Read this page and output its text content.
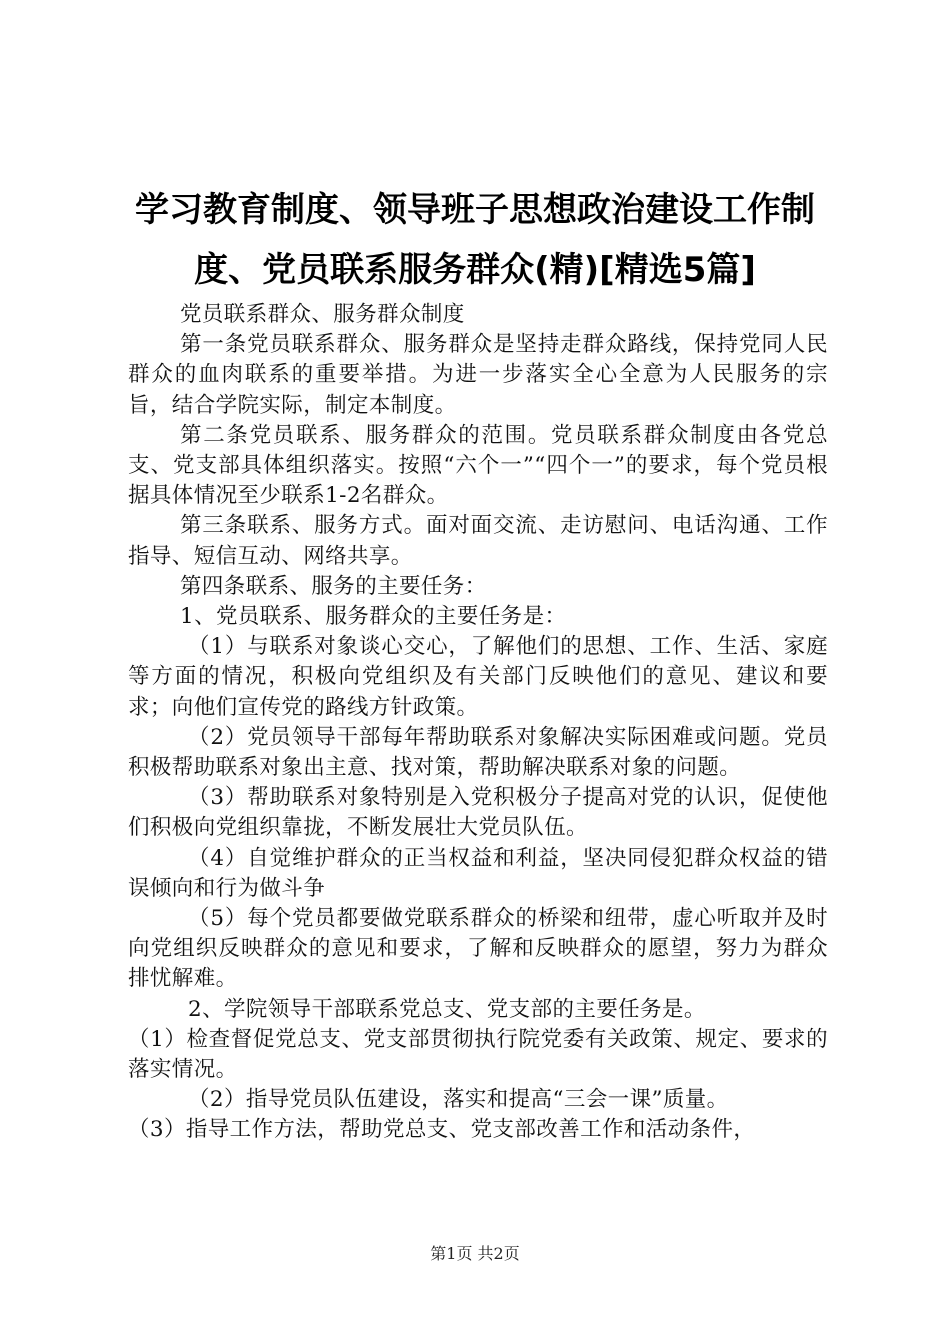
学习教育制度、领导班子思想政治建设工作制
度、党员联系服务群众(精)[精选5篇]

党员联系群众、服务群众制度

第一条党员联系群众、服务群众是坚持走群众路线，保持党同人民群众的血肉联系的重要举措。为进一步落实全心全意为人民服务的宗旨，结合学院实际，制定本制度。

第二条党员联系、服务群众的范围。党员联系群众制度由各党总支、党支部具体组织落实。按照“六个一”“四个一”的要求，每个党员根据具体情况至少联系1-2名群众。

第三条联系、服务方式。面对面交流、走访慰问、电话沟通、工作指导、短信互动、网络共享。

第四条联系、服务的主要任务：

1、党员联系、服务群众的主要任务是：

（1）与联系对象谈心交心，了解他们的思想、工作、生活、家庭等方面的情况，积极向党组织及有关部门反映他们的意见、建议和要求；向他们宣传党的路线方针政策。

（2）党员领导干部每年帮助联系对象解决实际困难或问题。党员积极帮助联系对象出主意、找对策，帮助解决联系对象的问题。

（3）帮助联系对象特别是入党积极分子提高对党的认识，促使他们积极向党组织靠拢，不断发展壮大党员队伍。

（4）自觉维护群众的正当权益和利益，坚决同侵犯群众权益的错误倾向和行为做斗争

（5）每个党员都要做党联系群众的桥梁和纽带，虚心听取并及时向党组织反映群众的意见和要求，了解和反映群众的愿望，努力为群众排忧解难。

2、学院领导干部联系党总支、党支部的主要任务是。

（1）检查督促党总支、党支部贯彻执行院党委有关政策、规定、要求的落实情况。

（2）指导党员队伍建设，落实和提高“三会一课”质量。

（3）指导工作方法，帮助党总支、党支部改善工作和活动条件，

第1页 共2页
